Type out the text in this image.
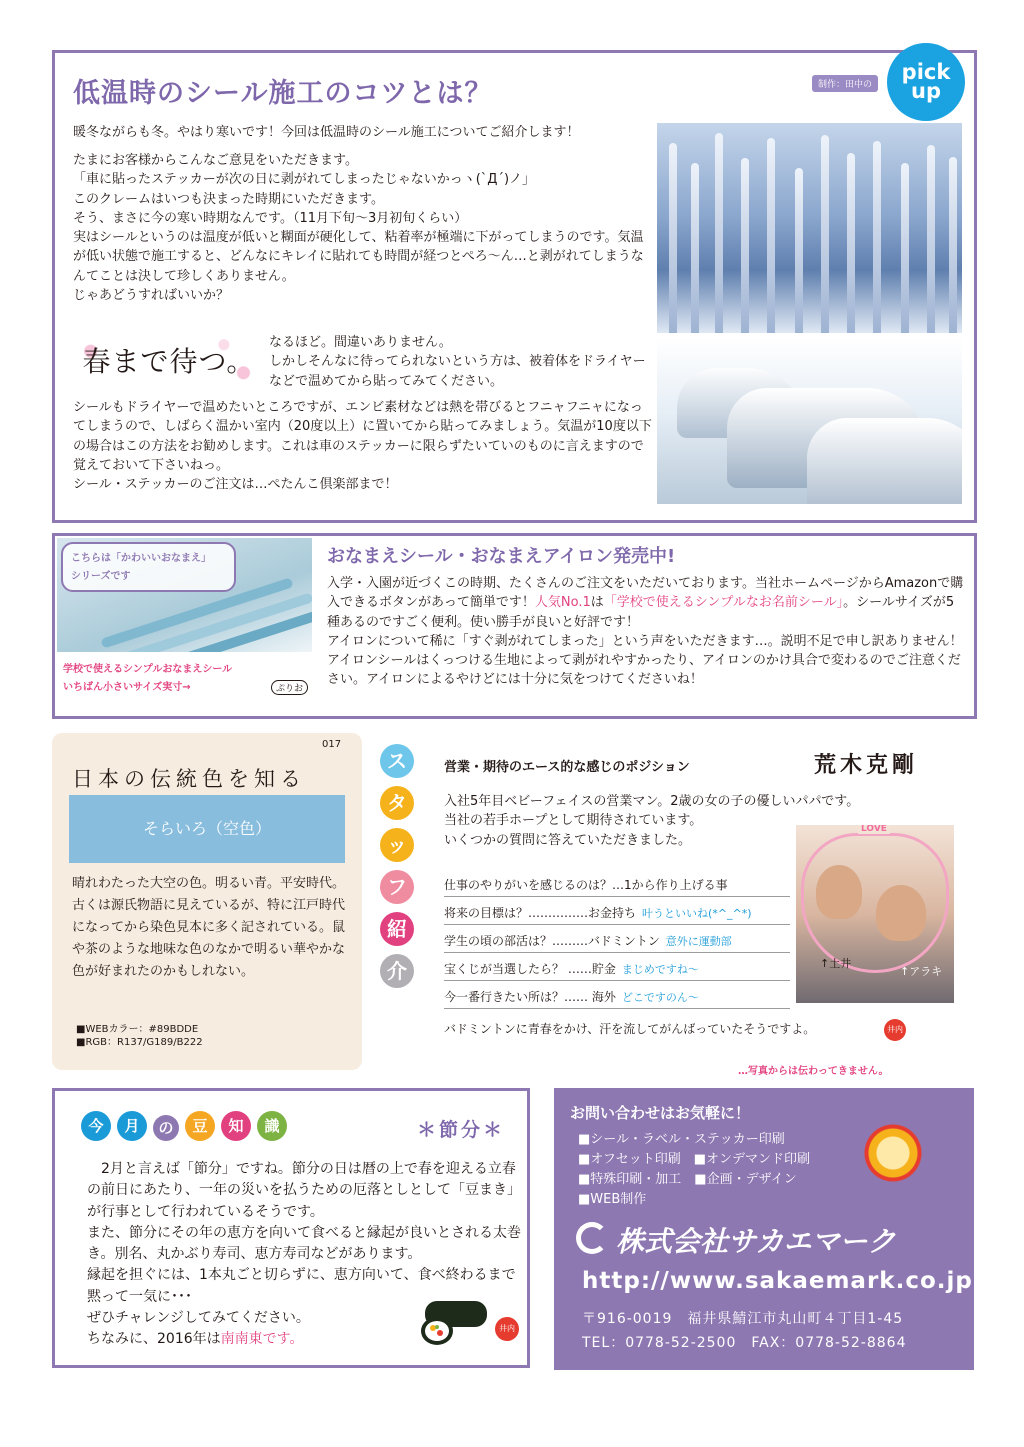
低温時のシール施工のコツとは？	制作：田中の
pick
up
暖冬ながらも冬。やはり寒いです！今回は低温時のシール施工についてご紹介します！
たまにお客様からこんなご意見をいただきます。
「車に貼ったステッカーが次の日に剥がれてしまったじゃないかっヽ(`Д´)ノ」
このクレームはいつも決まった時期にいただきます。
そう、まさに今の寒い時期なんです。（11月下旬〜3月初旬くらい）
実はシールというのは温度が低いと糊面が硬化して、粘着率が極端に下がってしまうのです。気温が低い状態で施工すると、どんなにキレイに貼れても時間が経つとぺろ〜ん…と剥がれてしまうなんてことは決して珍しくありません。
じゃあどうすればいいか？
春まで待つ。
なるほど。間違いありません。
しかしそんなに待ってられないという方は、被着体をドライヤーなどで温めてから貼ってみてください。
シールもドライヤーで温めたいところですが、エンビ素材などは熱を帯びるとフニャフニャになってしまうので、しばらく温かい室内（20度以上）に置いてから貼ってみましょう。気温が10度以下の場合はこの方法をお勧めします。これは車のステッカーに限らずたいていのものに言えますので覚えておいて下さいねっ。
シール・ステッカーのご注文は…ぺたんこ倶楽部まで！
こちらは「かわいいおなまえ」
シリーズです
学校で使えるシンプルおなまえシール
いちばん小さいサイズ実寸→	ぷりお
おなまえシール・おなまえアイロン発売中!
入学・入園が近づくこの時期、たくさんのご注文をいただいております。当社ホームページからAmazonで購入できるボタンがあって簡単です！人気No.1は「学校で使えるシンプルなお名前シール」。シールサイズが5種あるのですごく便利。使い勝手が良いと好評です！
アイロンについて稀に「すぐ剥がれてしまった」という声をいただきます…。説明不足で申し訳ありません！アイロンシールはくっつける生地によって剥がれやすかったり、アイロンのかけ具合で変わるのでご注意ください。アイロンによるやけどには十分に気をつけてくださいね！
017
日本の伝統色を知る
そらいろ（空色）
晴れわたった大空の色。明るい青。平安時代。古くは源氏物語に見えているが、特に江戸時代になってから染色見本に多く記されている。鼠や茶のような地味な色のなかで明るい華やかな色が好まれたのかもしれない。
■WEBカラー：#89BDDE
■RGB：R137/G189/B222
ス
タ
ッ
フ
紹
介
営業・期待のエース的な感じのポジション	荒木克剛
入社5年目ベビーフェイスの営業マン。2歳の女の子の優しいパパです。
当社の若手ホープとして期待されています。
いくつかの質問に答えていただきました。
仕事のやりがいを感じるのは？…1から作り上げる事
将来の目標は？……………お金持ち 叶うといいね(*^_^*)
学生の頃の部活は？………バドミントン 意外に運動部
宝くじが当選したら？ ……貯金 まじめですね〜
今一番行きたい所は？…… 海外 どこですのん〜
LOVE
↑土井
↑アラキ
バドミントンに青春をかけ、汗を流してがんばっていたそうですよ。	井内
…写真からは伝わってきません。
今	月	の	豆	知	識	＊節分＊
　2月と言えば「節分」ですね。節分の日は暦の上で春を迎える立春の前日にあたり、一年の災いを払うための厄落としとして「豆まき」が行事として行われているそうです。
また、節分にその年の恵方を向いて食べると縁起が良いとされる太巻き。別名、丸かぶり寿司、恵方寿司などがあります。
縁起を担ぐには、1本丸ごと切らずに、恵方向いて、食べ終わるまで黙って一気に･･･
ぜひチャレンジしてみてください。
ちなみに、2016年は南南東です。
井内
お問い合わせはお気軽に！
■シール・ラベル・ステッカー印刷
■オフセット印刷　■オンデマンド印刷
■特殊印刷・加工　■企画・デザイン
■WEB制作
株式会社サカエマーク
http://www.sakaemark.co.jp
〒916-0019　福井県鯖江市丸山町４丁目1-45
TEL：0778-52-2500　FAX：0778-52-8864
